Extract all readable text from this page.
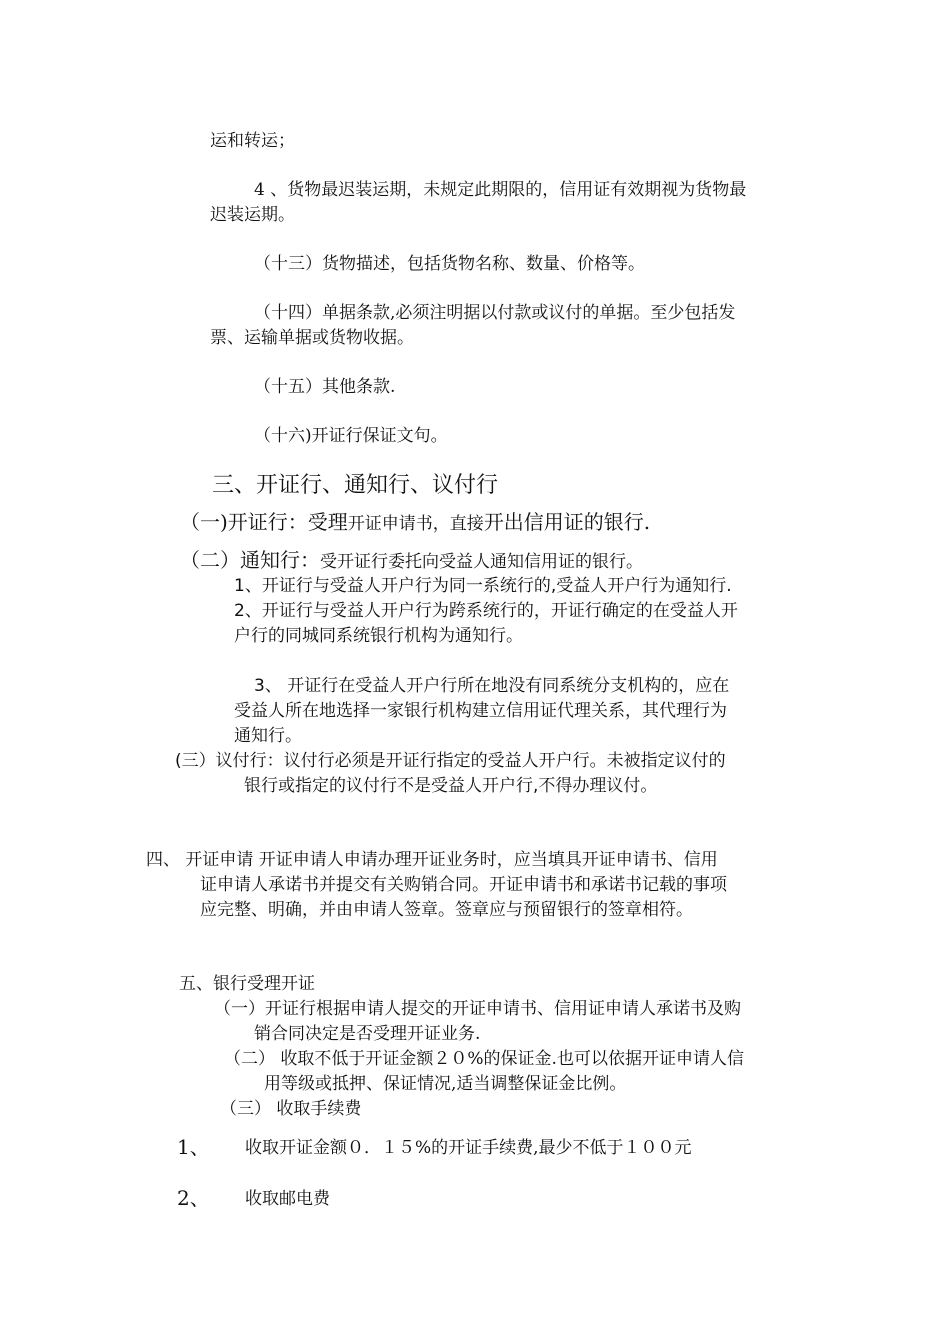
运和转运；
4 、货物最迟装运期，未规定此期限的，信用证有效期视为货物最
迟装运期。
（十三）货物描述，包括货物名称、数量、价格等。
（十四）单据条款,必须注明据以付款或议付的单据。至少包括发
票、运输单据或货物收据。
（十五）其他条款.
（十六)开证行保证文句。
三、开证行、通知行、议付行
（一)开证行：受理开证申请书，直接开出信用证的银行.
（二）通知行：受开证行委托向受益人通知信用证的银行。
1、开证行与受益人开户行为同一系统行的,受益人开户行为通知行.
2、开证行与受益人开户行为跨系统行的，开证行确定的在受益人开
户行的同城同系统银行机构为通知行。
3、 开证行在受益人开户行所在地没有同系统分支机构的，应在
受益人所在地选择一家银行机构建立信用证代理关系，其代理行为
通知行。
(三）议付行：议付行必须是开证行指定的受益人开户行。未被指定议付的
银行或指定的议付行不是受益人开户行,不得办理议付。
四、 开证申请 开证申请人申请办理开证业务时，应当填具开证申请书、信用
证申请人承诺书并提交有关购销合同。开证申请书和承诺书记载的事项
应完整、明确，并由申请人签章。签章应与预留银行的签章相符。
五、银行受理开证
（一）开证行根据申请人提交的开证申请书、信用证申请人承诺书及购
销合同决定是否受理开证业务.
（二） 收取不低于开证金额２０%的保证金.也可以依据开证申请人信
用等级或抵押、保证情况,适当调整保证金比例。
（三） 收取手续费
1、 收取开证金额０．１５%的开证手续费,最少不低于１００元
2、 收取邮电费
